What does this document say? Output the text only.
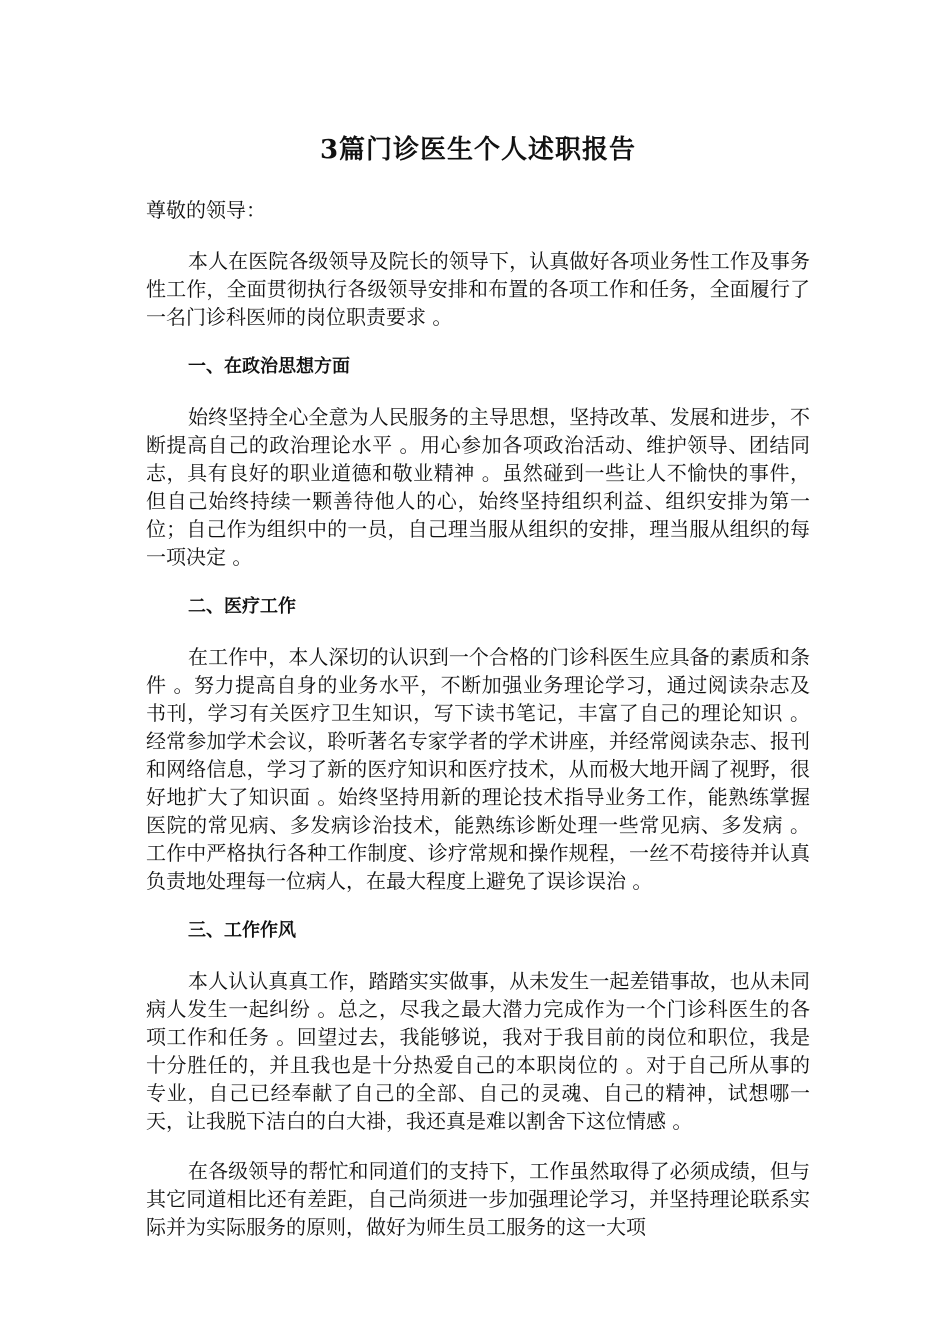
3篇门诊医生个人述职报告

尊敬的领导：

本人在医院各级领导及院长的领导下，认真做好各项业务性工作及事务性工作，全面贯彻执行各级领导安排和布置的各项工作和任务，全面履行了一名门诊科医师的岗位职责要求 。

一、在政治思想方面

始终坚持全心全意为人民服务的主导思想，坚持改革、发展和进步，不断提高自己的政治理论水平 。用心参加各项政治活动、维护领导、团结同志，具有良好的职业道德和敬业精神 。虽然碰到一些让人不愉快的事件，但自己始终持续一颗善待他人的心，始终坚持组织利益、组织安排为第一位；自己作为组织中的一员，自己理当服从组织的安排，理当服从组织的每一项决定 。

二、医疗工作

在工作中，本人深切的认识到一个合格的门诊科医生应具备的素质和条件 。努力提高自身的业务水平，不断加强业务理论学习，通过阅读杂志及书刊，学习有关医疗卫生知识，写下读书笔记，丰富了自己的理论知识 。经常参加学术会议，聆听著名专家学者的学术讲座，并经常阅读杂志、报刊和网络信息，学习了新的医疗知识和医疗技术，从而极大地开阔了视野，很好地扩大了知识面 。始终坚持用新的理论技术指导业务工作，能熟练掌握医院的常见病、多发病诊治技术，能熟练诊断处理一些常见病、多发病 。工作中严格执行各种工作制度、诊疗常规和操作规程，一丝不苟接待并认真负责地处理每一位病人，在最大程度上避免了误诊误治 。

三、工作作风

本人认认真真工作，踏踏实实做事，从未发生一起差错事故，也从未同病人发生一起纠纷 。总之，尽我之最大潜力完成作为一个门诊科医生的各项工作和任务 。回望过去，我能够说，我对于我目前的岗位和职位，我是十分胜任的，并且我也是十分热爱自己的本职岗位的 。对于自己所从事的专业，自己已经奉献了自己的全部、自己的灵魂、自己的精神，试想哪一天，让我脱下洁白的白大褂，我还真是难以割舍下这位情感 。

在各级领导的帮忙和同道们的支持下，工作虽然取得了必须成绩，但与其它同道相比还有差距，自己尚须进一步加强理论学习，并坚持理论联系实际并为实际服务的原则，做好为师生员工服务的这一大项
